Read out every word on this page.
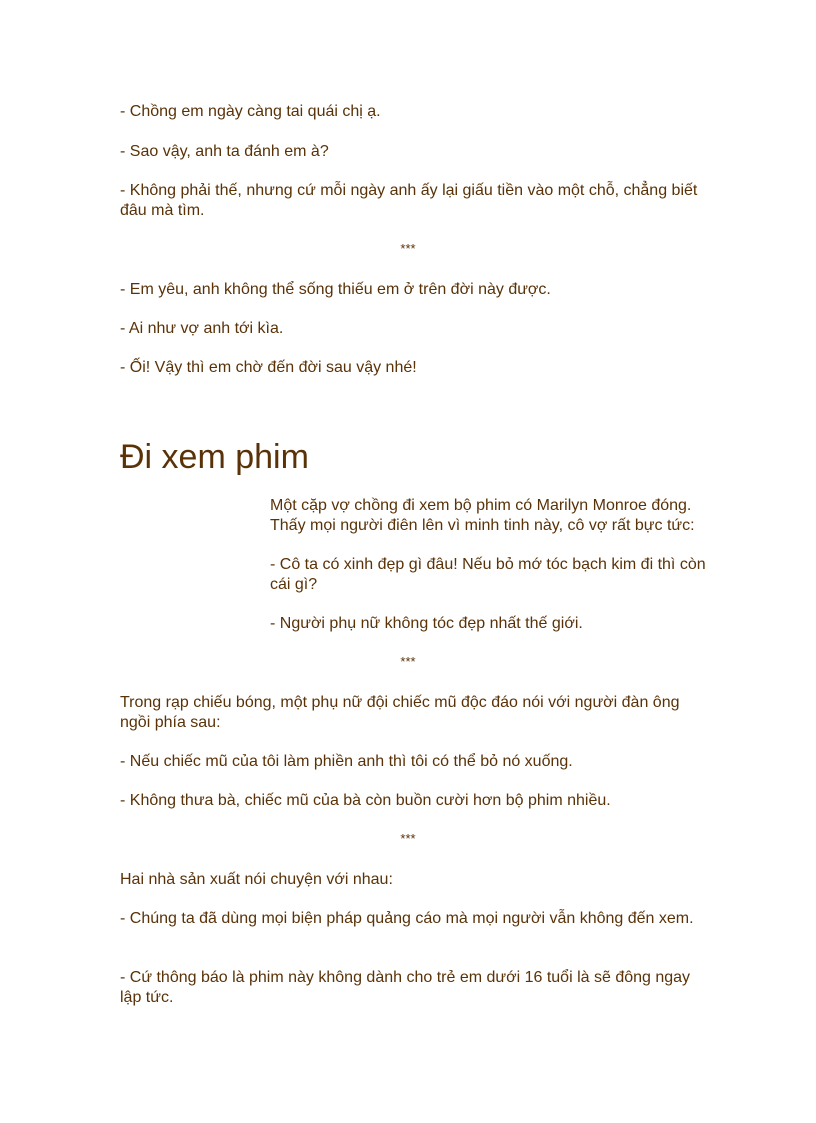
- Chồng em ngày càng tai quái chị ạ.

- Sao vậy, anh ta đánh em à?

- Không phải thế, nhưng cứ mỗi ngày anh ấy lại giấu tiền vào một chỗ, chẳng biết đâu mà tìm.

***

- Em yêu, anh không thể sống thiếu em ở trên đời này được.

- Ai như vợ anh tới kìa.

- Ối! Vậy thì em chờ đến đời sau vậy nhé!

Đi xem phim

Một cặp vợ chồng đi xem bộ phim có Marilyn Monroe đóng. Thấy mọi người điên lên vì minh tinh này, cô vợ rất bực tức:

- Cô ta có xinh đẹp gì đâu! Nếu bỏ mớ tóc bạch kim đi thì còn cái gì?

- Người phụ nữ không tóc đẹp nhất thế giới.

***

Trong rạp chiếu bóng, một phụ nữ đội chiếc mũ độc đáo nói với người đàn ông ngồi phía sau:

- Nếu chiếc mũ của tôi làm phiền anh thì tôi có thể bỏ nó xuống.

- Không thưa bà, chiếc mũ của bà còn buồn cười hơn bộ phim nhiều.

***

Hai nhà sản xuất nói chuyện với nhau:

- Chúng ta đã dùng mọi biện pháp quảng cáo mà mọi người vẫn không đến xem.

- Cứ thông báo là phim này không dành cho trẻ em dưới 16 tuổi là sẽ đông ngay lập tức.
